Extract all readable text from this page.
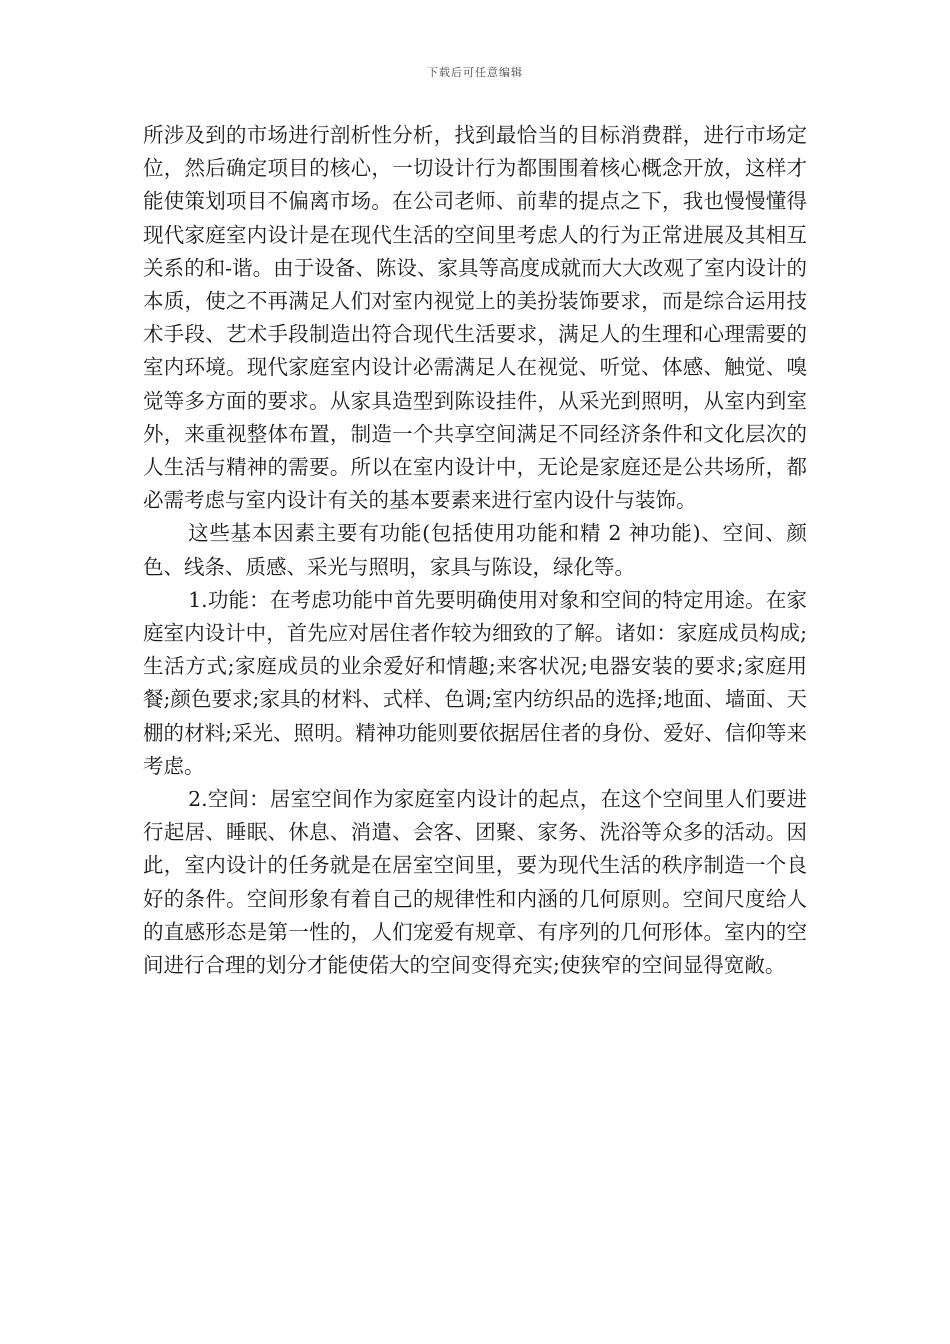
下载后可任意编辑

所涉及到的市场进行剖析性分析，找到最恰当的目标消费群，进行市场定位，然后确定项目的核心，一切设计行为都围围着核心概念开放，这样才能使策划项目不偏离市场。在公司老师、前辈的提点之下，我也慢慢懂得现代家庭室内设计是在现代生活的空间里考虑人的行为正常进展及其相互关系的和-谐。由于设备、陈设、家具等高度成就而大大改观了室内设计的本质，使之不再满足人们对室内视觉上的美扮装饰要求，而是综合运用技术手段、艺术手段制造出符合现代生活要求，满足人的生理和心理需要的室内环境。现代家庭室内设计必需满足人在视觉、听觉、体感、触觉、嗅觉等多方面的要求。从家具造型到陈设挂件，从采光到照明，从室内到室外，来重视整体布置，制造一个共享空间满足不同经济条件和文化层次的人生活与精神的需要。所以在室内设计中，无论是家庭还是公共场所，都必需考虑与室内设计有关的基本要素来进行室内设什与装饰。

这些基本因素主要有功能(包括使用功能和精 2 神功能)、空间、颜色、线条、质感、采光与照明，家具与陈设，绿化等。

1.功能：在考虑功能中首先要明确使用对象和空间的特定用途。在家庭室内设计中，首先应对居住者作较为细致的了解。诸如：家庭成员构成;生活方式;家庭成员的业余爱好和情趣;来客状况;电器安装的要求;家庭用餐;颜色要求;家具的材料、式样、色调;室内纺织品的选择;地面、墙面、天棚的材料;采光、照明。精神功能则要依据居住者的身份、爱好、信仰等来考虑。

2.空间：居室空间作为家庭室内设计的起点，在这个空间里人们要进行起居、睡眠、休息、消遣、会客、团聚、家务、洗浴等众多的活动。因此，室内设计的任务就是在居室空间里，要为现代生活的秩序制造一个良好的条件。空间形象有着自己的规律性和内涵的几何原则。空间尺度给人的直感形态是第一性的，人们宠爱有规章、有序列的几何形体。室内的空间进行合理的划分才能使偌大的空间变得充实;使狭窄的空间显得宽敞。
